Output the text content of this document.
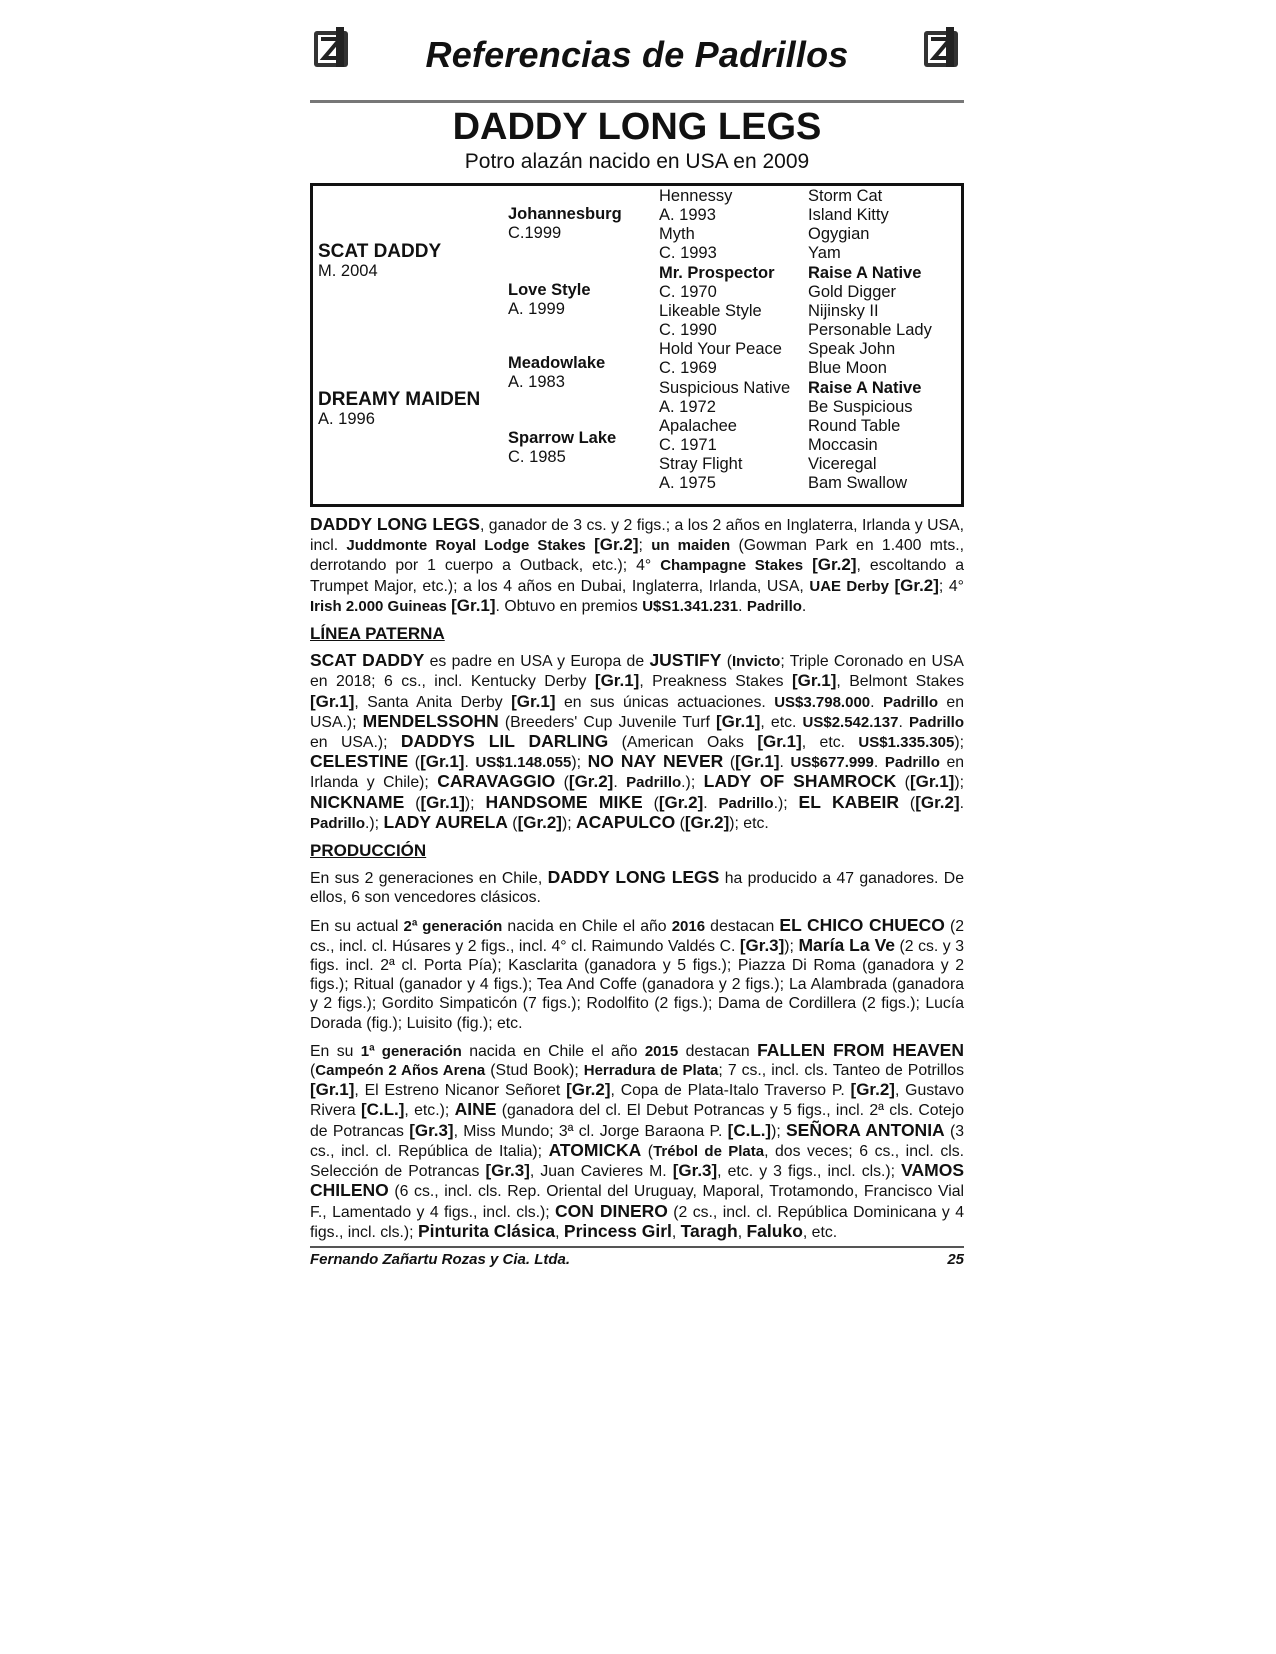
Referencias de Padrillos
DADDY LONG LEGS
Potro alazán nacido en USA en 2009
SCAT DADDY
M. 2004
DREAMY MAIDEN
A. 1996
Johannesburg
C.1999
Love Style
A. 1999
Meadowlake
A. 1983
Sparrow Lake
C. 1985
Hennessy
A. 1993
Myth
C. 1993
Mr. Prospector
C. 1970
Likeable Style
C. 1990
Hold Your Peace
C. 1969
Suspicious Native
A. 1972
Apalachee
C. 1971
Stray Flight
A. 1975
Storm Cat
Island Kitty
Ogygian
Yam
Raise A Native
Gold Digger
Nijinsky II
Personable Lady
Speak John
Blue Moon
Raise A Native
Be Suspicious
Round Table
Moccasin
Viceregal
Bam Swallow

DADDY LONG LEGS, ganador de 3 cs. y 2 figs.; a los 2 años en Inglaterra, Irlanda y USA, incl. Juddmonte Royal Lodge Stakes [Gr.2]; un maiden (Gowman Park en 1.400 mts., derrotando por 1 cuerpo a Outback, etc.); 4° Champagne Stakes [Gr.2], escoltando a Trumpet Major, etc.); a los 4 años en Dubai, Inglaterra, Irlanda, USA, UAE Derby [Gr.2]; 4° Irish 2.000 Guineas [Gr.1]. Obtuvo en premios U$S1.341.231. Padrillo.

LÍNEA PATERNA

SCAT DADDY es padre en USA y Europa de JUSTIFY (Invicto; Triple Coronado en USA en 2018; 6 cs., incl. Kentucky Derby [Gr.1], Preakness Stakes [Gr.1], Belmont Stakes [Gr.1], Santa Anita Derby [Gr.1] en sus únicas actuaciones. US$3.798.000. Padrillo en USA.); MENDELSSOHN (Breeders' Cup Juvenile Turf [Gr.1], etc. US$2.542.137. Padrillo en USA.); DADDYS LIL DARLING (American Oaks [Gr.1], etc. US$1.335.305); CELESTINE ([Gr.1]. US$1.148.055); NO NAY NEVER ([Gr.1]. US$677.999. Padrillo en Irlanda y Chile); CARAVAGGIO ([Gr.2]. Padrillo.); LADY OF SHAMROCK ([Gr.1]); NICKNAME ([Gr.1]); HANDSOME MIKE ([Gr.2]. Padrillo.); EL KABEIR ([Gr.2]. Padrillo.); LADY AURELA ([Gr.2]); ACAPULCO ([Gr.2]); etc.

PRODUCCIÓN

En sus 2 generaciones en Chile, DADDY LONG LEGS ha producido a 47 ganadores. De ellos, 6 son vencedores clásicos.

En su actual 2ª generación nacida en Chile el año 2016 destacan EL CHICO CHUECO (2 cs., incl. cl. Húsares y 2 figs., incl. 4° cl. Raimundo Valdés C. [Gr.3]); María La Ve (2 cs. y 3 figs. incl. 2ª cl. Porta Pía); Kasclarita (ganadora y 5 figs.); Piazza Di Roma (ganadora y 2 figs.); Ritual (ganador y 4 figs.); Tea And Coffe (ganadora y 2 figs.); La Alambrada (ganadora y 2 figs.); Gordito Simpaticón (7 figs.); Rodolfito (2 figs.); Dama de Cordillera (2 figs.); Lucía Dorada (fig.); Luisito (fig.); etc.

En su 1ª generación nacida en Chile el año 2015 destacan FALLEN FROM HEAVEN (Campeón 2 Años Arena (Stud Book); Herradura de Plata; 7 cs., incl. cls. Tanteo de Potrillos [Gr.1], El Estreno Nicanor Señoret [Gr.2], Copa de Plata-Italo Traverso P. [Gr.2], Gustavo Rivera [C.L.], etc.); AINE (ganadora del cl. El Debut Potrancas y 5 figs., incl. 2ª cls. Cotejo de Potrancas [Gr.3], Miss Mundo; 3ª cl. Jorge Baraona P. [C.L.]); SEÑORA ANTONIA (3 cs., incl. cl. República de Italia); ATOMICKA (Trébol de Plata, dos veces; 6 cs., incl. cls. Selección de Potrancas [Gr.3], Juan Cavieres M. [Gr.3], etc. y 3 figs., incl. cls.); VAMOS CHILENO (6 cs., incl. cls. Rep. Oriental del Uruguay, Maporal, Trotamondo, Francisco Vial F., Lamentado y 4 figs., incl. cls.); CON DINERO (2 cs., incl. cl. República Dominicana y 4 figs., incl. cls.); Pinturita Clásica, Princess Girl, Taragh, Faluko, etc.

Fernando Zañartu Rozas y Cia. Ltda.	25
